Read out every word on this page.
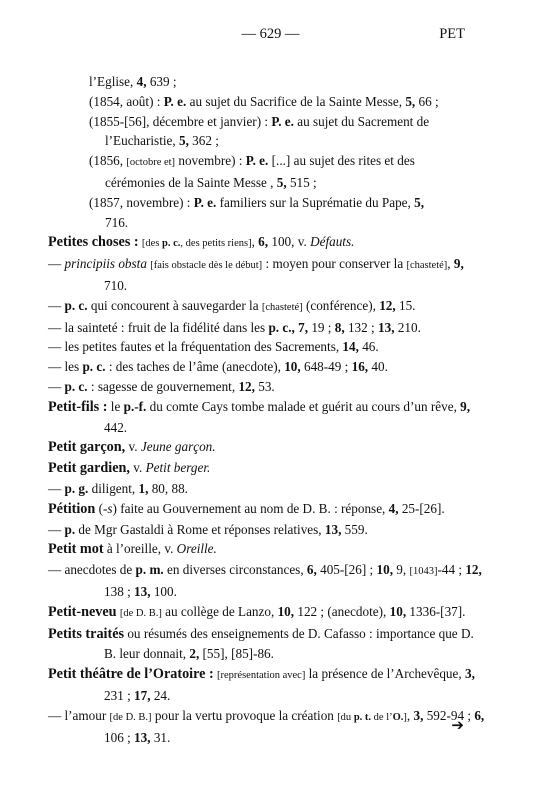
— 629 —	PET
l’Eglise, 4, 639 ;
(1854, août) : P. e. au sujet du Sacrifice de la Sainte Messe, 5, 66 ;
(1855-[56], décembre et janvier) : P. e. au sujet du Sacrement de l’Eucharistie, 5, 362 ;
(1856, [octobre et] novembre) : P. e. [...] au sujet des rites et des cérémonies de la Sainte Messe , 5, 515 ;
(1857, novembre) : P. e. familiers sur la Suprématie du Pape, 5, 716.
Petites choses : [des p. c., des petits riens], 6, 100, v. Défauts.
— principiis obsta [fais obstacle dès le début] : moyen pour conserver la [chasteté], 9, 710.
— p. c. qui concourent à sauvegarder la [chasteté] (conférence), 12, 15.
— la sainteté : fruit de la fidélité dans les p. c., 7, 19 ; 8, 132 ; 13, 210.
— les petites fautes et la fréquentation des Sacrements, 14, 46.
— les p. c. : des taches de l’âme (anecdote), 10, 648-49 ; 16, 40.
— p. c. : sagesse de gouvernement, 12, 53.
Petit-fils : le p.-f. du comte Cays tombe malade et guérit au cours d’un rêve, 9, 442.
Petit garçon, v. Jeune garçon.
Petit gardien, v. Petit berger.
— p. g. diligent, 1, 80, 88.
Pétition (-s) faite au Gouvernement au nom de D. B. : réponse, 4, 25-[26].
— p. de Mgr Gastaldi à Rome et réponses relatives, 13, 559.
Petit mot à l’oreille, v. Oreille.
— anecdotes de p. m. en diverses circonstances, 6, 405-[26] ; 10, 9, [1043]-44 ; 12, 138 ; 13, 100.
Petit-neveu [de D. B.] au collège de Lanzo, 10, 122 ; (anecdote), 10, 1336-[37].
Petits traités ou résumés des enseignements de D. Cafasso : importance que D. B. leur donnait, 2, [55], [85]-86.
Petit théâtre de l’Oratoire : [représentation avec] la présence de l’Archevêque, 3, 231 ; 17, 24.
— l’amour [de D. B.] pour la vertu provoque la création [du p. t. de l’O.], 3, 592-94 ; 6, 106 ; 13, 31.
➔
